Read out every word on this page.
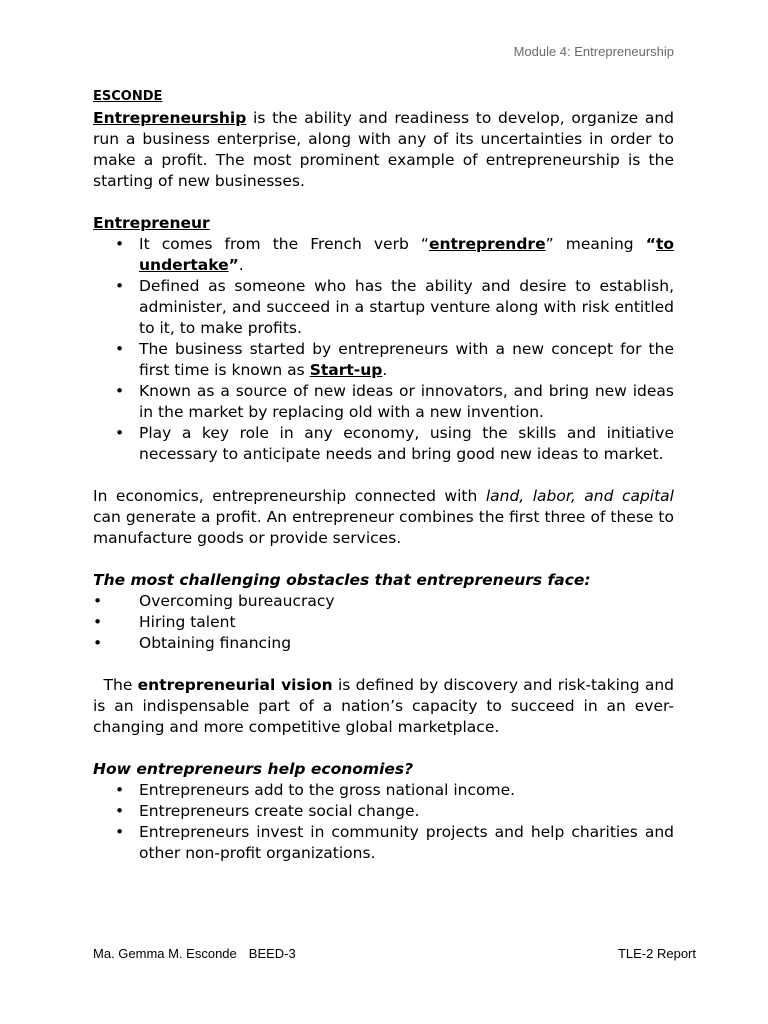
Module 4: Entrepreneurship

ESCONDE

Entrepreneurship is the ability and readiness to develop, organize and run a business enterprise, along with any of its uncertainties in order to make a profit. The most prominent example of entrepreneurship is the starting of new businesses.

Entrepreneur

• It comes from the French verb “entreprendre” meaning “to undertake”.
• Defined as someone who has the ability and desire to establish, administer, and succeed in a startup venture along with risk entitled to it, to make profits.
• The business started by entrepreneurs with a new concept for the first time is known as Start-up.
• Known as a source of new ideas or innovators, and bring new ideas in the market by replacing old with a new invention.
• Play a key role in any economy, using the skills and initiative necessary to anticipate needs and bring good new ideas to market.

In economics, entrepreneurship connected with land, labor, and capital can generate a profit. An entrepreneur combines the first three of these to manufacture goods or provide services.

The most challenging obstacles that entrepreneurs face:

• Overcoming bureaucracy
• Hiring talent
• Obtaining financing

The entrepreneurial vision is defined by discovery and risk-taking and is an indispensable part of a nation’s capacity to succeed in an ever-changing and more competitive global marketplace.

How entrepreneurs help economies?

• Entrepreneurs add to the gross national income.
• Entrepreneurs create social change.
• Entrepreneurs invest in community projects and help charities and other non-profit organizations.
Ma. Gemma M. Esconde BEED-3	TLE-2 Report
